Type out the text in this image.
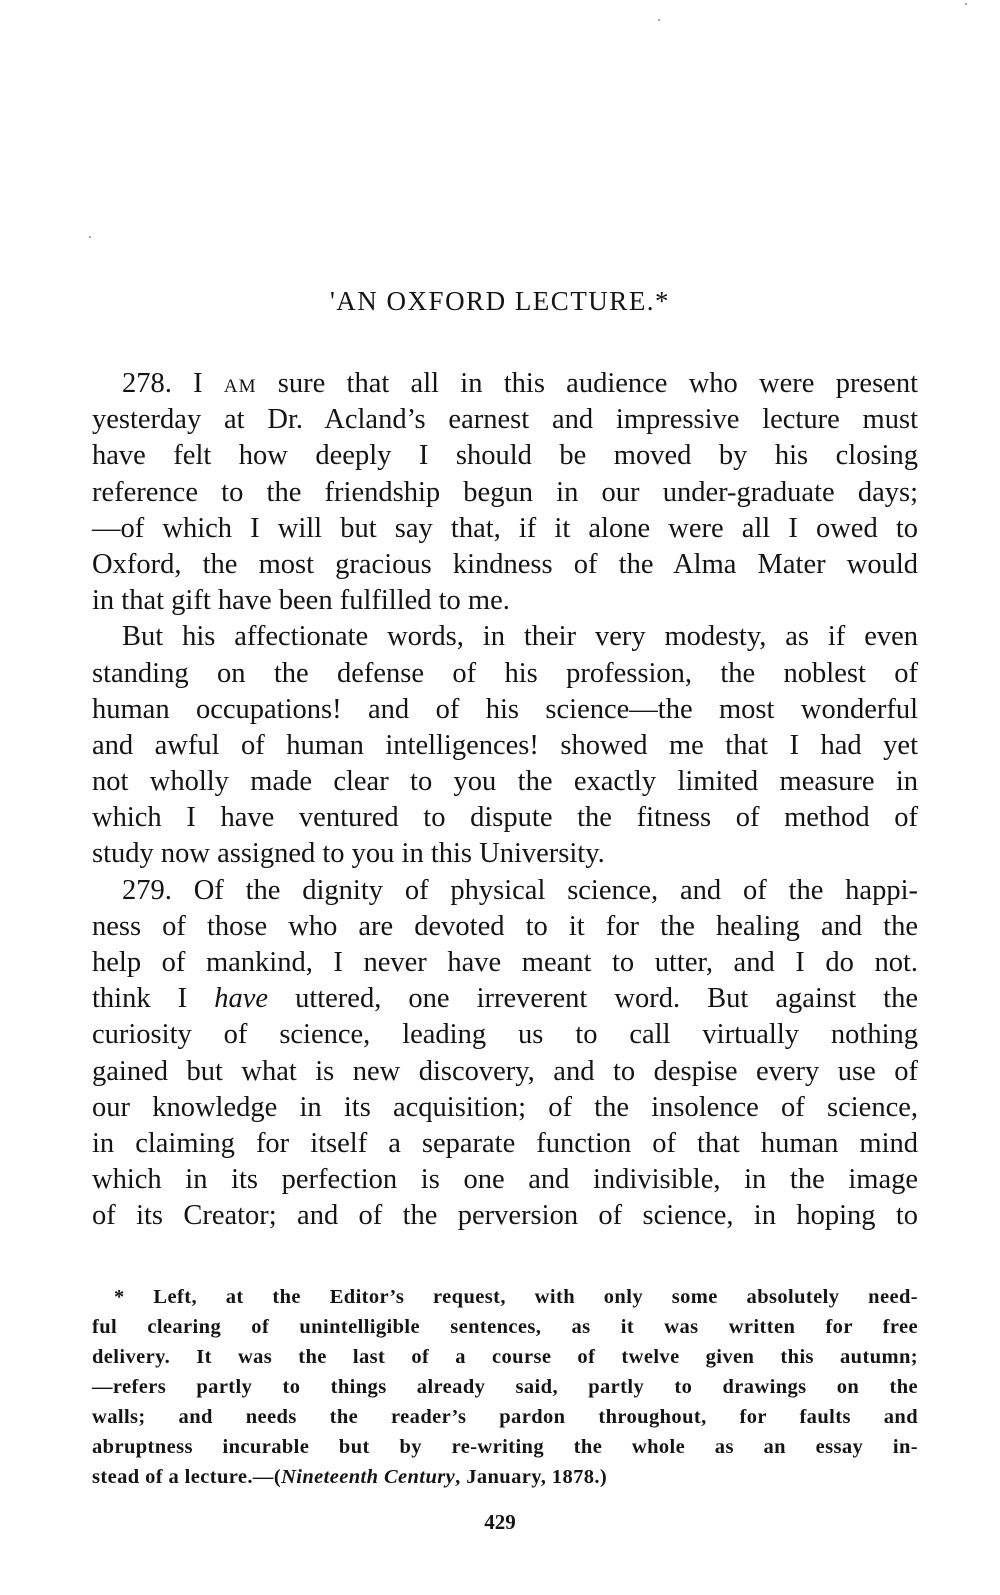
'AN OXFORD LECTURE.*
278. I AM sure that all in this audience who were present
yesterday at Dr. Acland’s earnest and impressive lecture must
have felt how deeply I should be moved by his closing
reference to the friendship begun in our under-graduate days;
—of which I will but say that, if it alone were all I owed to
Oxford, the most gracious kindness of the Alma Mater would
in that gift have been fulfilled to me.
But his affectionate words, in their very modesty, as if even
standing on the defense of his profession, the noblest of
human occupations! and of his science—the most wonderful
and awful of human intelligences! showed me that I had yet
not wholly made clear to you the exactly limited measure in
which I have ventured to dispute the fitness of method of
study now assigned to you in this University.
279. Of the dignity of physical science, and of the happi-
ness of those who are devoted to it for the healing and the
help of mankind, I never have meant to utter, and I do not.
think I have uttered, one irreverent word. But against the
curiosity of science, leading us to call virtually nothing
gained but what is new discovery, and to despise every use of
our knowledge in its acquisition; of the insolence of science,
in claiming for itself a separate function of that human mind
which in its perfection is one and indivisible, in the image
of its Creator; and of the perversion of science, in hoping to
* Left, at the Editor’s request, with only some absolutely need-
ful clearing of unintelligible sentences, as it was written for free
delivery. It was the last of a course of twelve given this autumn;
—refers partly to things already said, partly to drawings on the
walls; and needs the reader’s pardon throughout, for faults and
abruptness incurable but by re-writing the whole as an essay in-
stead of a lecture.—(Nineteenth Century, January, 1878.)
429
